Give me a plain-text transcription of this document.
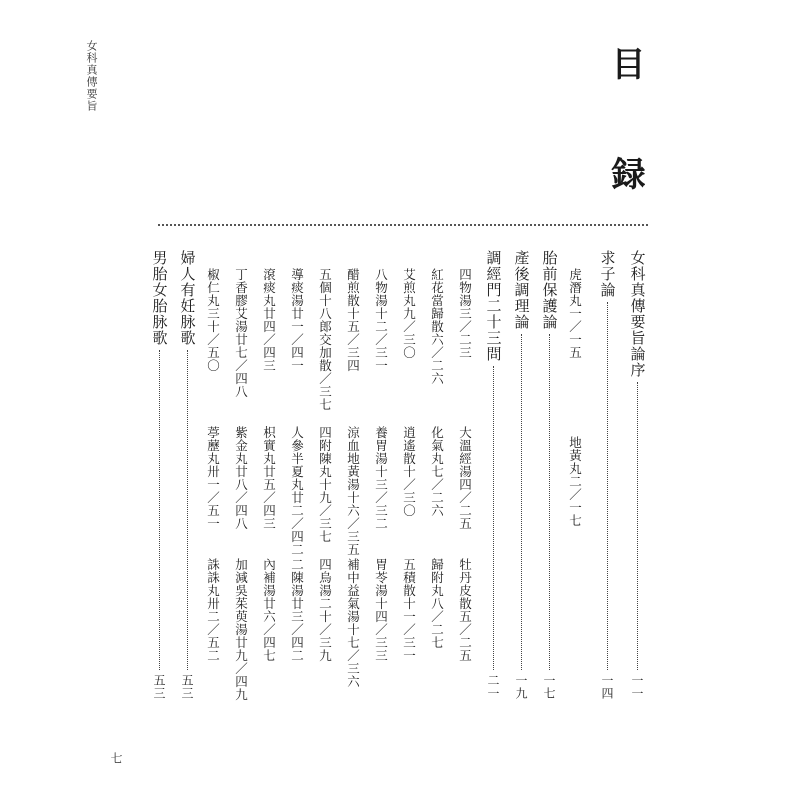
女科真傳要旨
七
目 録
女科真傳要旨論序
一一
求子論
一四
虎潛丸一／一五
地黃丸二／一七
胎前保護論
一七
產後調理論
一九
調經門二十三問
二一
四物湯三／二三
大溫經湯四／二五
牡丹皮散五／二五
紅花當歸散六／二六
化氣丸七／二六
歸附丸八／二七
艾煎丸九／三〇
逍遙散十／三〇
五積散十一／三一
八物湯十二／三一
養胃湯十三／三二
胃苓湯十四／三三
醋煎散十五／三四
涼血地黃湯十六／三五
補中益氣湯十七／三六
五個十八郎交加散／三七
四附陳丸十九／三七
四烏湯二十／三九
導痰湯廿一／四一
人參半夏丸廿二／四二
二陳湯廿三／四二
滾痰丸廿四／四三
枳實丸廿五／四三
內補湯廿六／四七
丁香膠艾湯廿七／四八
紫金丸廿八／四八
加減吳茱萸湯廿九／四九
椒仁丸三十／五〇
葶藶丸卅一／五一
誅誅丸卅二／五二
婦人有妊脉歌
五三
男胎女胎脉歌
五三
